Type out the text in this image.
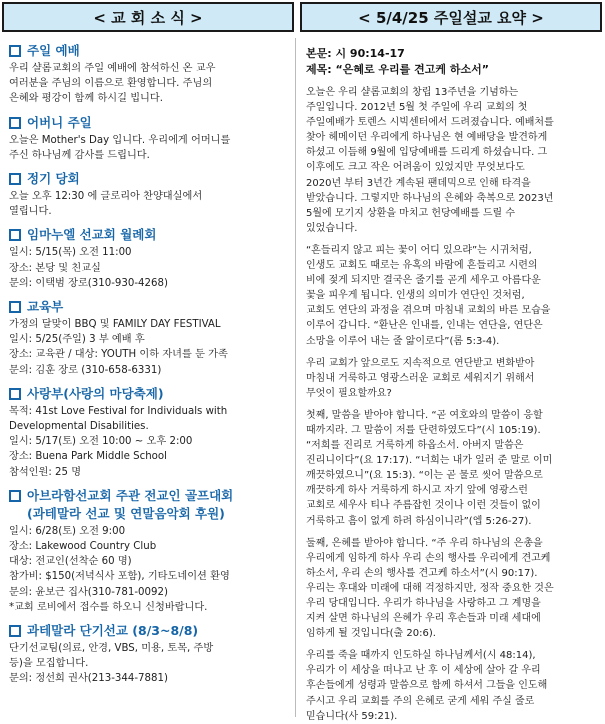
< 교 회 소 식 >	< 5/4/25 주일설교 요약 >
주일 예배
우리 샬롬교회의 주일 예배에 참석하신 온 교우
여러분을 주님의 이름으로 환영합니다. 주님의
은혜와 평강이 함께 하시길 빕니다.
어버니 주일
오늘은 Mother's Day 입니다. 우리에게 어머니를
주신 하나님께 감사를 드립니다.
정기 당회
오늘 오후 12:30 에 글로리아 찬양대실에서
열립니다.
임마누엘 선교회 월례회
일시: 5/15(목) 오전 11:00
장소: 본당 및 친교실
문의: 이택범 장로(310-930-4268)
교육부
가정의 달맞이 BBQ 및 FAMILY DAY FESTIVAL
일시: 5/25(주일) 3 부 예배 후
장소: 교육관 / 대상: YOUTH 이하 자녀를 둔 가족
문의: 김훈 장로 (310-658-6331)
사랑부(사랑의 마당축제)
목적: 41st Love Festival for Individuals with
Developmental Disabilities.
일시: 5/17(토) 오전 10:00 ~ 오후 2:00
장소: Buena Park Middle School
참석인원: 25 명
아브라함선교회 주관 전교인 골프대회
(과테말라 선교 및 연말음악회 후원)
일시: 6/28(토) 오전 9:00
장소: Lakewood Country Club
대상: 전교인(선착순 60 명)
참가비: $150(저녁식사 포함), 기타도네이션 환영
문의: 윤보근 집사(310-781-0092)
*교회 로비에서 접수를 하오니 신청바랍니다.
과테말라 단기선교 (8/3~8/8)
단기선교팀(의료, 안경, VBS, 미용, 토목, 주방
등)을 모집합니다.
문의: 정선희 권사(213-344-7881)
본문: 시 90:14-17
제목: “은혜로 우리를 견고케 하소서”
오늘은 우리 샬롬교회의 창립 13주년을 기념하는
주일입니다. 2012년 5월 첫 주일에 우리 교회의 첫
주일예배가 토렌스 시빅센터에서 드려졌습니다. 예배처를
찾아 헤메이던 우리에게 하나님은 현 예배당을 발견하게
하셨고 이듬해 9월에 입당예배를 드리게 하셨습니다. 그
이후에도 크고 작은 어려움이 있었지만 무엇보다도
2020년 부터 3년간 계속된 팬데믹으로 인해 타격을
받았습니다. 그렇지만 하나님의 은혜와 축복으로 2023년
5월에 모기지 상환을 마치고 헌당예배를 드릴 수
있었습니다.
“흔들리지 않고 피는 꽃이 어디 있으랴”는 시귀처럼,
인생도 교회도 때로는 유혹의 바람에 흔들리고 시련의
비에 젖게 되지만 결국은 줄기를 곧게 세우고 아름다운
꽃을 피우게 됩니다. 인생의 의미가 연단인 것처럼,
교회도 연단의 과정을 겪으며 마침내 교회의 바른 모습을
이루어 갑니다. “환난은 인내를, 인내는 연단을, 연단은
소망을 이루어 내는 줄 앎이로다”(롬 5:3-4).
우리 교회가 앞으로도 지속적으로 연단받고 변화받아
마침내 거룩하고 영광스러운 교회로 세워지기 위해서
무엇이 필요할까요?
첫째, 말씀을 받아야 합니다. “곧 여호와의 말씀이 응할
때까지라. 그 말씀이 저를 단련하였도다”(시 105:19).
“저희를 진리로 거룩하게 하옵소서. 아버지 말씀은
진리니이다”(요 17:17). “너희는 내가 일러 준 말로 이미
깨끗하였으니”(요 15:3). “이는 곧 물로 씻어 말씀으로
깨끗하게 하사 거룩하게 하시고 자기 앞에 영광스런
교회로 세우사 티나 주름잡힌 것이나 이런 것들이 없이
거룩하고 흠이 없게 하려 하심이니라”(엡 5:26-27).
둘째, 은혜를 받아야 합니다. “주 우리 하나님의 은총을
우리에게 임하게 하사 우리 손의 행사를 우리에게 견고케
하소서, 우리 손의 행사를 견고케 하소서”(시 90:17).
우리는 후대와 미래에 대해 걱정하지만, 정작 중요한 것은
우리 당대입니다. 우리가 하나님을 사랑하고 그 계명을
지켜 살면 하나님의 은혜가 우리 후손들과 미래 세대에
임하게 될 것입니다(출 20:6).
우리를 죽을 때까지 인도하실 하나님께서(시 48:14),
우리가 이 세상을 떠나고 난 후 이 세상에 살아 갈 우리
후손들에게 성령과 말씀으로 함께 하셔서 그들을 인도해
주시고 우리 교회를 주의 은혜로 굳게 세워 주실 줄로
믿습니다(사 59:21).
